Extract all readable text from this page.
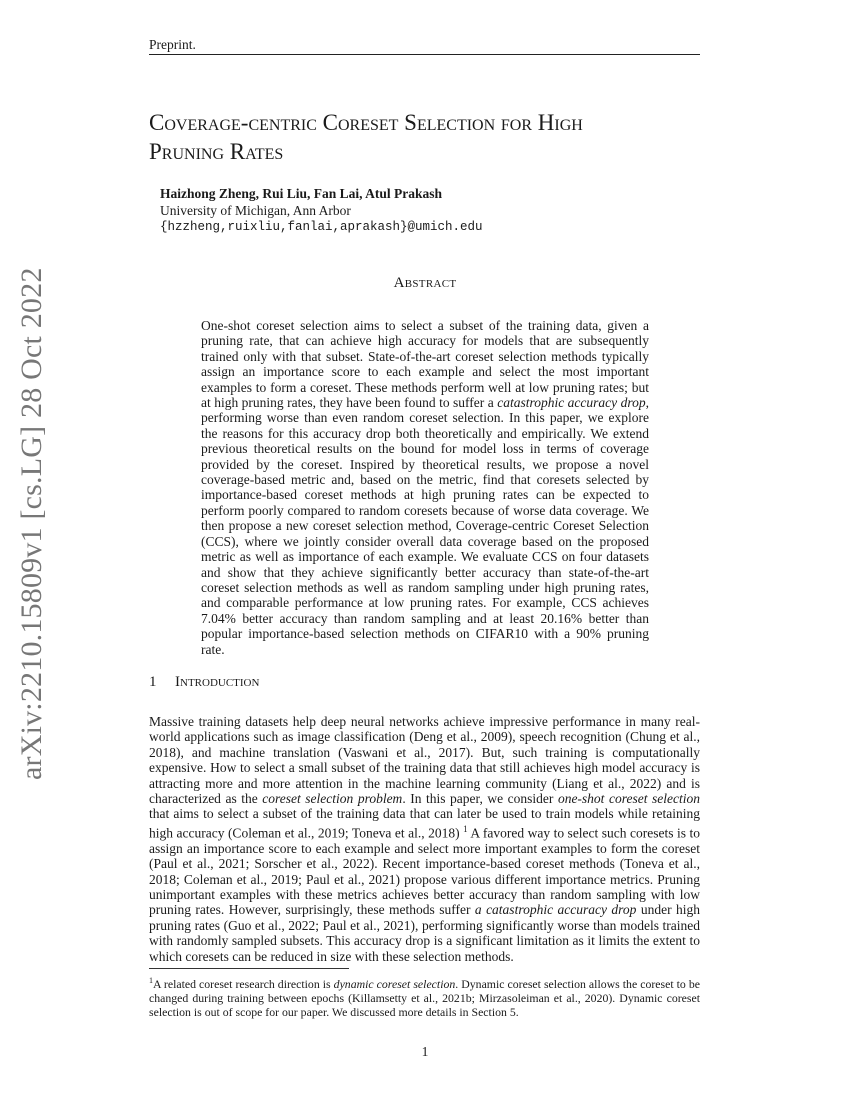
Preprint.
arXiv:2210.15809v1 [cs.LG] 28 Oct 2022
Coverage-centric Coreset Selection for High
Pruning Rates
Haizhong Zheng, Rui Liu, Fan Lai, Atul Prakash
University of Michigan, Ann Arbor
{hzzheng,ruixliu,fanlai,aprakash}@umich.edu
Abstract
One-shot coreset selection aims to select a subset of the training data, given a pruning rate, that can achieve high accuracy for models that are subsequently trained only with that subset. State-of-the-art coreset selection methods typically assign an importance score to each example and select the most important examples to form a coreset. These methods perform well at low pruning rates; but at high pruning rates, they have been found to suffer a catastrophic accuracy drop, performing worse than even random coreset selection. In this paper, we explore the reasons for this accuracy drop both theoretically and empirically. We extend previous theoretical results on the bound for model loss in terms of coverage provided by the coreset. Inspired by theoretical results, we propose a novel coverage-based metric and, based on the metric, find that coresets selected by importance-based coreset methods at high pruning rates can be expected to perform poorly compared to random coresets because of worse data coverage. We then propose a new coreset selection method, Coverage-centric Coreset Selection (CCS), where we jointly consider overall data coverage based on the proposed metric as well as importance of each example. We evaluate CCS on four datasets and show that they achieve significantly better accuracy than state-of-the-art coreset selection methods as well as random sampling under high pruning rates, and comparable performance at low pruning rates. For example, CCS achieves 7.04% better accuracy than random sampling and at least 20.16% better than popular importance-based selection methods on CIFAR10 with a 90% pruning rate.
1 Introduction
Massive training datasets help deep neural networks achieve impressive performance in many real-world applications such as image classification (Deng et al., 2009), speech recognition (Chung et al., 2018), and machine translation (Vaswani et al., 2017). But, such training is computationally expensive. How to select a small subset of the training data that still achieves high model accuracy is attracting more and more attention in the machine learning community (Liang et al., 2022) and is characterized as the coreset selection problem. In this paper, we consider one-shot coreset selection that aims to select a subset of the training data that can later be used to train models while retaining high accuracy (Coleman et al., 2019; Toneva et al., 2018) $^1$ A favored way to select such coresets is to assign an importance score to each example and select more important examples to form the coreset (Paul et al., 2021; Sorscher et al., 2022). Recent importance-based coreset methods (Toneva et al., 2018; Coleman et al., 2019; Paul et al., 2021) propose various different importance metrics. Pruning unimportant examples with these metrics achieves better accuracy than random sampling with low pruning rates. However, surprisingly, these methods suffer a catastrophic accuracy drop under high pruning rates (Guo et al., 2022; Paul et al., 2021), performing significantly worse than models trained with randomly sampled subsets. This accuracy drop is a significant limitation as it limits the extent to which coresets can be reduced in size with these selection methods.
$^1$A related coreset research direction is dynamic coreset selection. Dynamic coreset selection allows the coreset to be changed during training between epochs (Killamsetty et al., 2021b; Mirzasoleiman et al., 2020). Dynamic coreset selection is out of scope for our paper. We discussed more details in Section 5.
1
